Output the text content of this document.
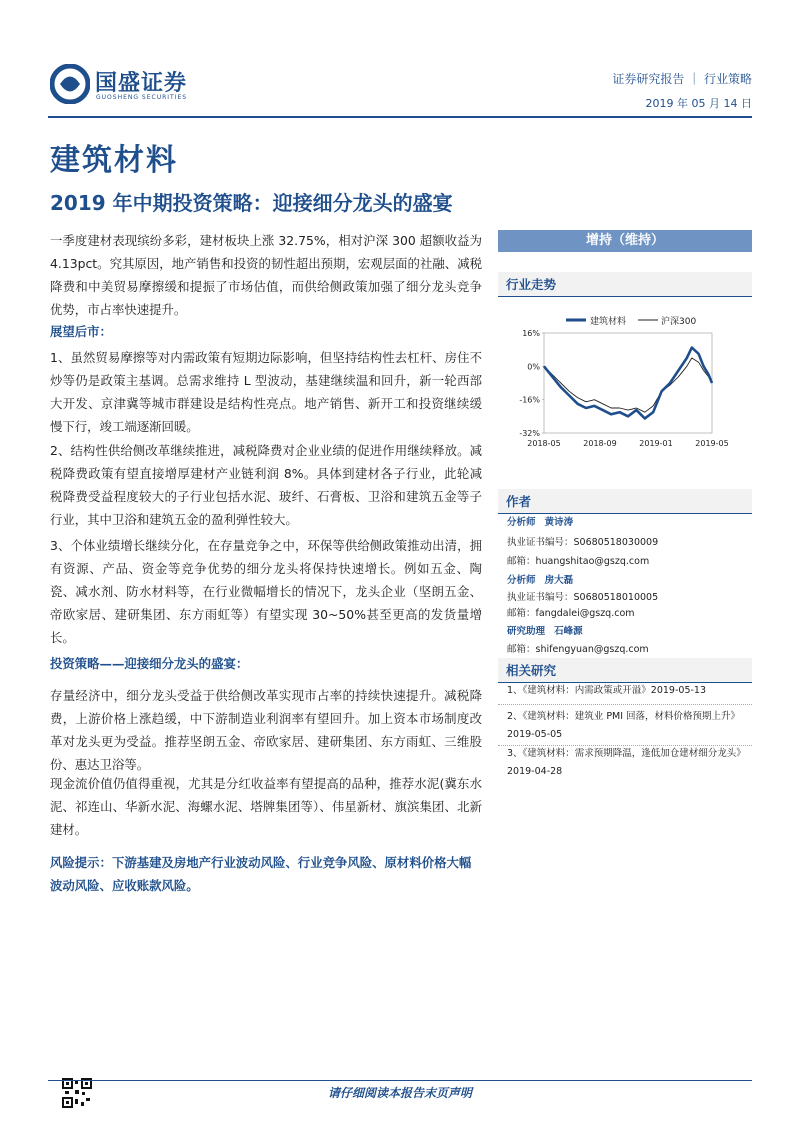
国盛证券
GUOSHENG SECURITIES
证券研究报告 ｜ 行业策略
2019 年 05 月 14 日
建筑材料
2019 年中期投资策略：迎接细分龙头的盛宴
一季度建材表现缤纷多彩，建材板块上涨 32.75%，相对沪深 300 超额收益为 4.13pct。究其原因，地产销售和投资的韧性超出预期，宏观层面的社融、减税降费和中美贸易摩擦缓和提振了市场估值，而供给侧政策加强了细分龙头竞争优势，市占率快速提升。
展望后市：
1、虽然贸易摩擦等对内需政策有短期边际影响，但坚持结构性去杠杆、房住不炒等仍是政策主基调。总需求维持 L 型波动，基建继续温和回升，新一轮西部大开发、京津冀等城市群建设是结构性亮点。地产销售、新开工和投资继续缓慢下行，竣工端逐渐回暖。
2、结构性供给侧改革继续推进，减税降费对企业业绩的促进作用继续释放。减税降费政策有望直接增厚建材产业链利润 8%。具体到建材各子行业，此轮减税降费受益程度较大的子行业包括水泥、玻纤、石膏板、卫浴和建筑五金等子行业，其中卫浴和建筑五金的盈利弹性较大。
3、个体业绩增长继续分化，在存量竞争之中，环保等供给侧政策推动出清，拥有资源、产品、资金等竞争优势的细分龙头将保持快速增长。例如五金、陶瓷、减水剂、防水材料等，在行业微幅增长的情况下，龙头企业（坚朗五金、帝欧家居、建研集团、东方雨虹等）有望实现 30~50%甚至更高的发货量增长。
投资策略——迎接细分龙头的盛宴：
存量经济中，细分龙头受益于供给侧改革实现市占率的持续快速提升。减税降费，上游价格上涨趋缓，中下游制造业利润率有望回升。加上资本市场制度改革对龙头更为受益。推荐坚朗五金、帝欧家居、建研集团、东方雨虹、三维股份、惠达卫浴等。
现金流价值仍值得重视，尤其是分红收益率有望提高的品种，推荐水泥(冀东水泥、祁连山、华新水泥、海螺水泥、塔牌集团等）、伟星新材、旗滨集团、北新建材。
风险提示：下游基建及房地产行业波动风险、行业竞争风险、原材料价格大幅波动风险、应收账款风险。
增持（维持）
行业走势
16%
0%
-16%
-32%
2018-05	2018-09	2019-01	2019-05
建筑材料	沪深300
作者
分析师 黄诗涛
执业证书编号：S0680518030009
邮箱：huangshitao@gszq.com
分析师 房大磊
执业证书编号：S0680518010005
邮箱：fangdalei@gszq.com
研究助理 石峰源
邮箱：shifengyuan@gszq.com
相关研究
1、《建筑材料：内需政策或开溢》2019-05-13
2、《建筑材料：建筑业 PMI 回落，材料价格预期上升》
2019-05-05
3、《建筑材料：需求预期降温，逢低加仓建材细分龙头》
2019-04-28
请仔细阅读本报告末页声明
